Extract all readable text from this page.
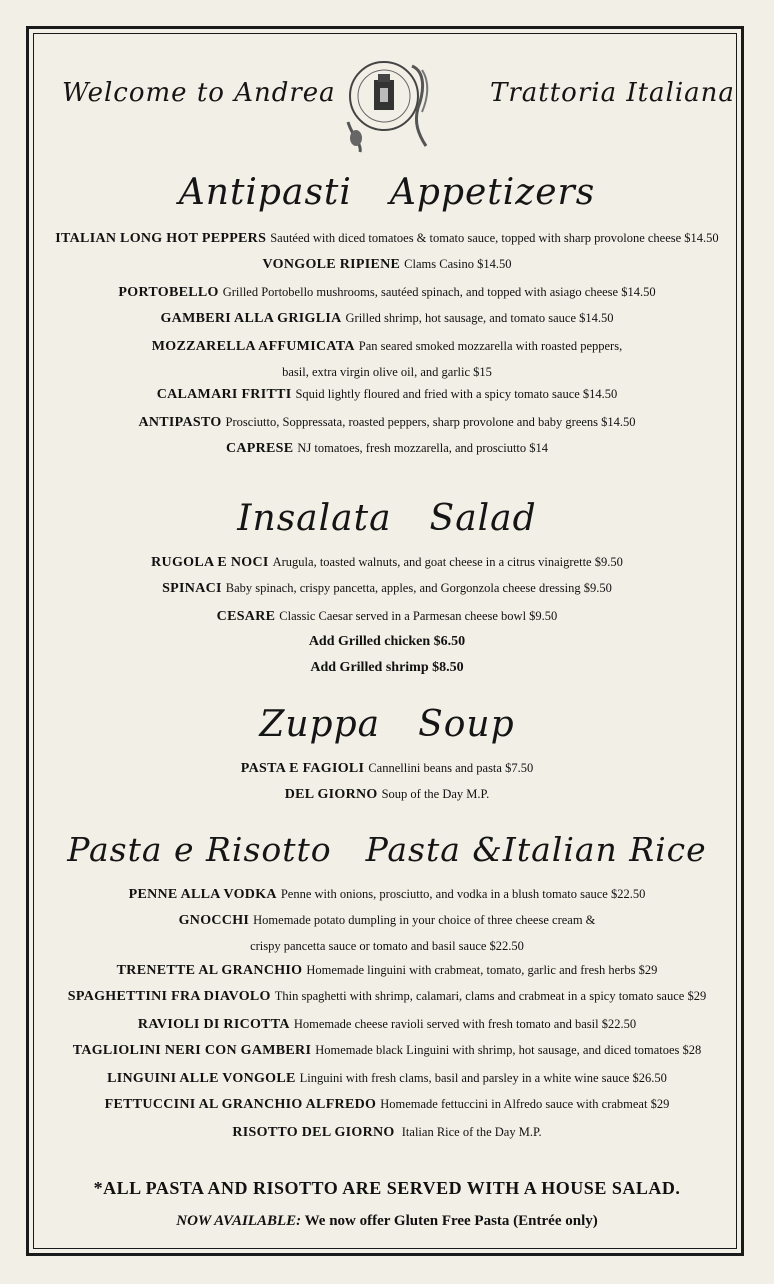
Welcome to Andrea	Trattoria Italiana
Antipasti Appetizers
ITALIAN LONG HOT PEPPERS Sautéed with diced tomatoes & tomato sauce, topped with sharp provolone cheese $14.50
VONGOLE RIPIENE Clams Casino $14.50
PORTOBELLO Grilled Portobello mushrooms, sautéed spinach, and topped with asiago cheese $14.50
GAMBERI ALLA GRIGLIA Grilled shrimp, hot sausage, and tomato sauce $14.50
MOZZARELLA AFFUMICATA Pan seared smoked mozzarella with roasted peppers,
basil, extra virgin olive oil, and garlic $15
CALAMARI FRITTI Squid lightly floured and fried with a spicy tomato sauce $14.50
ANTIPASTO Prosciutto, Soppressata, roasted peppers, sharp provolone and baby greens $14.50
CAPRESE NJ tomatoes, fresh mozzarella, and prosciutto $14
Insalata Salad
RUGOLA E NOCI Arugula, toasted walnuts, and goat cheese in a citrus vinaigrette $9.50
SPINACI Baby spinach, crispy pancetta, apples, and Gorgonzola cheese dressing $9.50
CESARE Classic Caesar served in a Parmesan cheese bowl $9.50
Add Grilled chicken $6.50
Add Grilled shrimp $8.50
Zuppa Soup
PASTA E FAGIOLI Cannellini beans and pasta $7.50
DEL GIORNO Soup of the Day M.P.
Pasta e Risotto Pasta &Italian Rice
PENNE ALLA VODKA Penne with onions, prosciutto, and vodka in a blush tomato sauce $22.50
GNOCCHI Homemade potato dumpling in your choice of three cheese cream &
crispy pancetta sauce or tomato and basil sauce $22.50
TRENETTE AL GRANCHIO Homemade linguini with crabmeat, tomato, garlic and fresh herbs $29
SPAGHETTINI FRA DIAVOLO Thin spaghetti with shrimp, calamari, clams and crabmeat in a spicy tomato sauce $29
RAVIOLI DI RICOTTA Homemade cheese ravioli served with fresh tomato and basil $22.50
TAGLIOLINI NERI CON GAMBERI Homemade black Linguini with shrimp, hot sausage, and diced tomatoes $28
LINGUINI ALLE VONGOLE Linguini with fresh clams, basil and parsley in a white wine sauce $26.50
FETTUCCINI AL GRANCHIO ALFREDO Homemade fettuccini in Alfredo sauce with crabmeat $29
RISOTTO DEL GIORNO Italian Rice of the Day M.P.
*ALL PASTA AND RISOTTO ARE SERVED WITH A HOUSE SALAD.
NOW AVAILABLE: We now offer Gluten Free Pasta (Entrée only)
